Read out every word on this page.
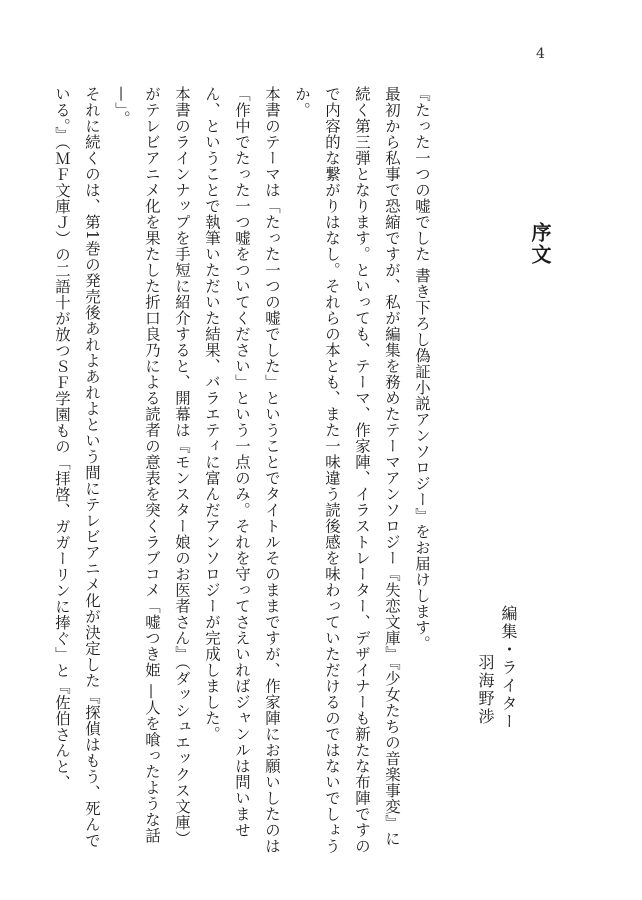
4
序文
編集・ライター
羽海野渉

『たった一つの嘘でした 書き下ろし偽証小説アンソロジー』をお届けします。

最初から私事で恐縮ですが、私が編集を務めたテーマアンソロジー『失恋文庫』『少女たちの音楽事変』に続く第三弾となります。といっても、テーマ、作家陣、イラストレーター、デザイナーも新たな布陣ですので内容的な繋がりはなし。それらの本とも、また一味違う読後感を味わっていただけるのではないでしょうか。

本書のテーマは「たった一つの嘘でした」ということでタイトルそのままですが、作家陣にお願いしたのは「作中でたった一つ嘘をついてください」という一点のみ。それを守ってさえいればジャンルは問いません、ということで執筆いただいた結果、バラエティに富んだアンソロジーが完成しました。

本書のラインナップを手短に紹介すると、開幕は『モンスター娘のお医者さん』（ダッシュエックス文庫）がテレビアニメ化を果たした折口良乃による読者の意表を突くラブコメ「嘘つき姫 —人を喰ったような話—」。

それに続くのは、第1巻の発売後あれよあれよという間にテレビアニメ化が決定した『探偵はもう、死んでいる。』（ＭＦ文庫Ｊ）の二語十が放つＳＦ学園もの「拝啓、ガガーリンに捧ぐ」と『佐伯さんと、
